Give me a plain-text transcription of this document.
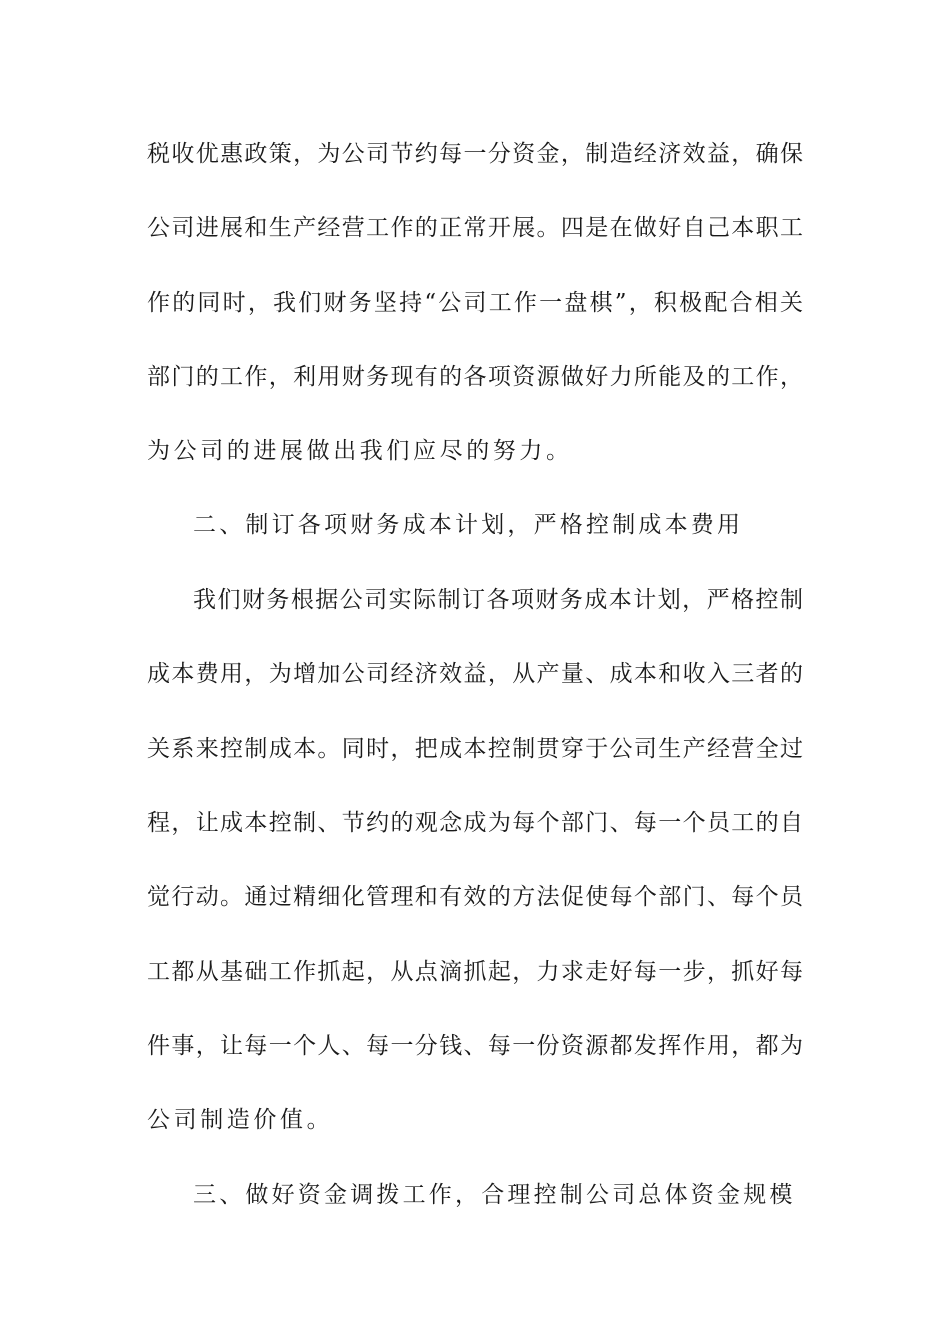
税收优惠政策，为公司节约每一分资金，制造经济效益，确保
公司进展和生产经营工作的正常开展。四是在做好自己本职工
作的同时，我们财务坚持“公司工作一盘棋”，积极配合相关
部门的工作，利用财务现有的各项资源做好力所能及的工作，
为公司的进展做出我们应尽的努力。
二、制订各项财务成本计划，严格控制成本费用
我们财务根据公司实际制订各项财务成本计划，严格控制
成本费用，为增加公司经济效益，从产量、成本和收入三者的
关系来控制成本。同时，把成本控制贯穿于公司生产经营全过
程，让成本控制、节约的观念成为每个部门、每一个员工的自
觉行动。通过精细化管理和有效的方法促使每个部门、每个员
工都从基础工作抓起，从点滴抓起，力求走好每一步，抓好每
件事，让每一个人、每一分钱、每一份资源都发挥作用，都为
公司制造价值。
三、做好资金调拨工作，合理控制公司总体资金规模
